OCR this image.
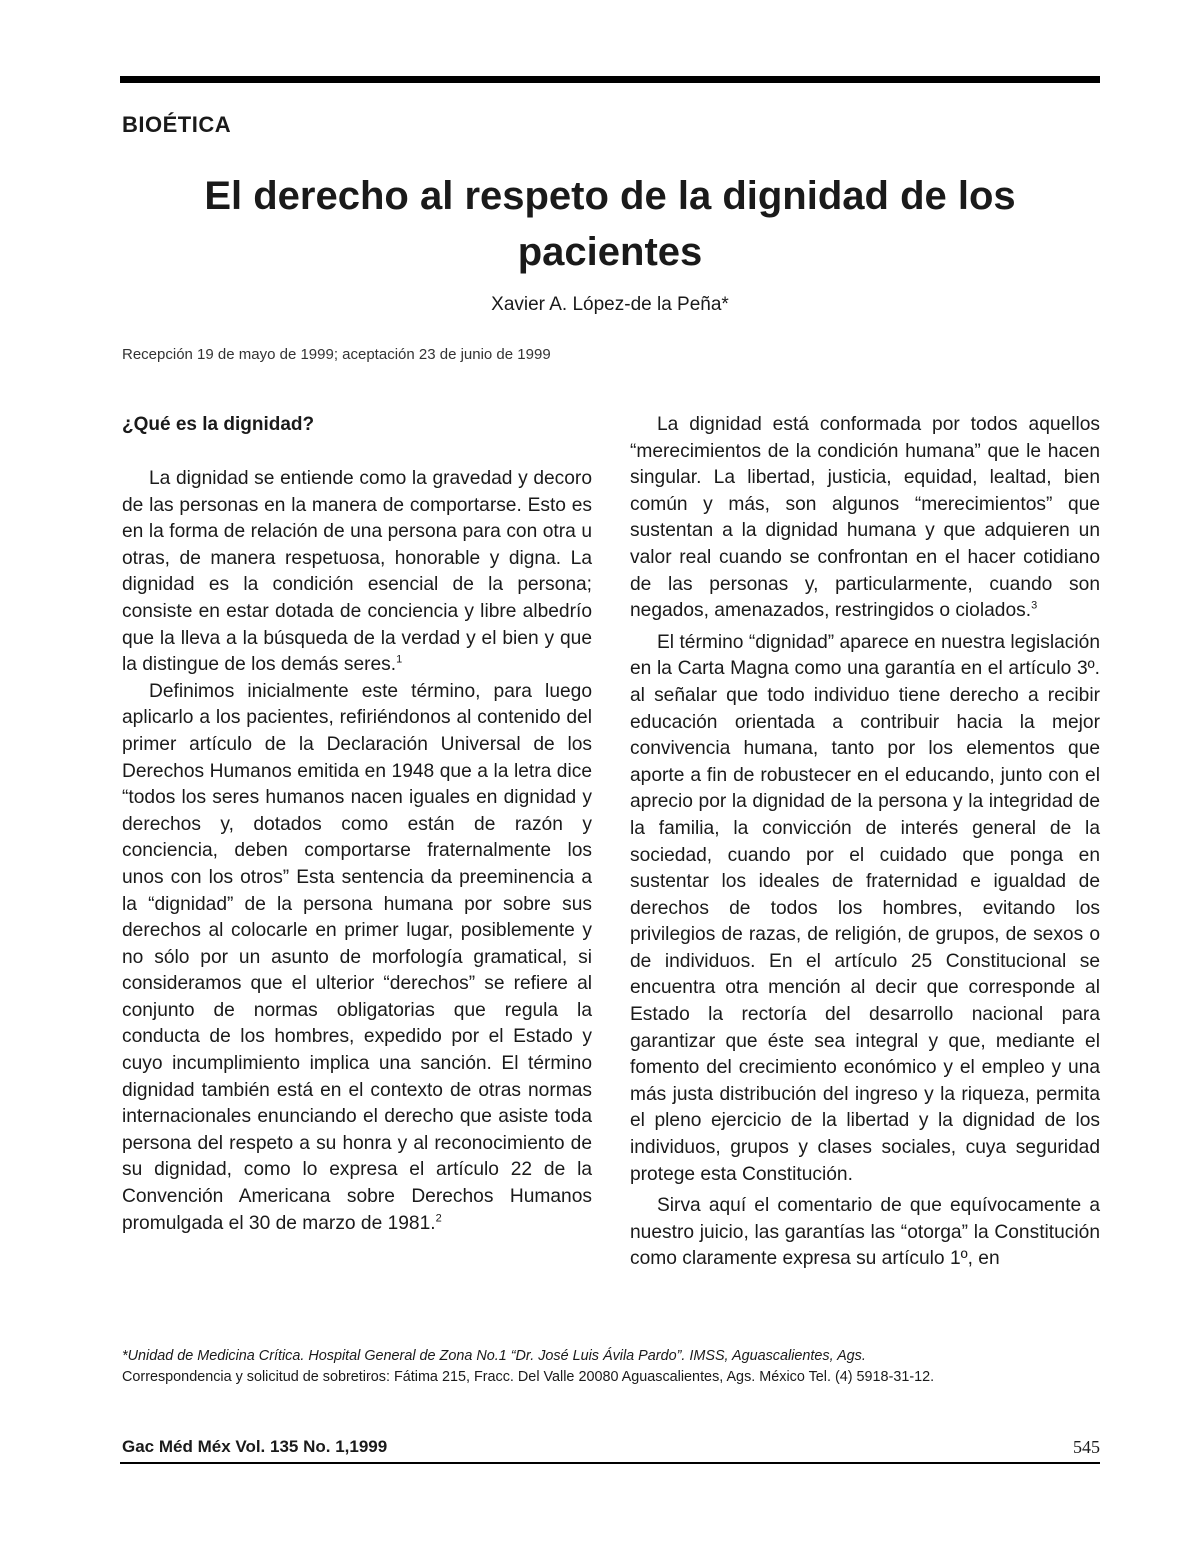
BIOÉTICA
El derecho al respeto de la dignidad de los pacientes
Xavier A. López-de la Peña*
Recepción 19 de mayo de 1999; aceptación 23 de junio de 1999
¿Qué es la dignidad?

La dignidad se entiende como la gravedad y decoro de las personas en la manera de comportarse. Esto es en la forma de relación de una persona para con otra u otras, de manera respetuosa, honorable y digna. La dignidad es la condición esencial de la persona; consiste en estar dotada de conciencia y libre albedrío que la lleva a la búsqueda de la verdad y el bien y que la distingue de los demás seres.$^1$

Definimos inicialmente este término, para luego aplicarlo a los pacientes, refiriéndonos al contenido del primer artículo de la Declaración Universal de los Derechos Humanos emitida en 1948 que a la letra dice “todos los seres humanos nacen iguales en dignidad y derechos y, dotados como están de razón y conciencia, deben comportarse fraternalmente los unos con los otros” Esta sentencia da preeminencia a la “dignidad” de la persona humana por sobre sus derechos al colocarle en primer lugar, posiblemente y no sólo por un asunto de morfología gramatical, si consideramos que el ulterior “derechos” se refiere al conjunto de normas obligatorias que regula la conducta de los hombres, expedido por el Estado y cuyo incumplimiento implica una sanción. El término dignidad también está en el contexto de otras normas internacionales enunciando el derecho que asiste toda persona del respeto a su honra y al reconocimiento de su dignidad, como lo expresa el artículo 22 de la Convención Americana sobre Derechos Humanos promulgada el 30 de marzo de 1981.$^2$

La dignidad está conformada por todos aquellos “merecimientos de la condición humana” que le hacen singular. La libertad, justicia, equidad, lealtad, bien común y más, son algunos “merecimientos” que sustentan a la dignidad humana y que adquieren un valor real cuando se confrontan en el hacer cotidiano de las personas y, particularmente, cuando son negados, amenazados, restringidos o ciolados.$^3$

El término “dignidad” aparece en nuestra legislación en la Carta Magna como una garantía en el artículo 3º. al señalar que todo individuo tiene derecho a recibir educación orientada a contribuir hacia la mejor convivencia humana, tanto por los elementos que aporte a fin de robustecer en el educando, junto con el aprecio por la dignidad de la persona y la integridad de la familia, la convicción de interés general de la sociedad, cuando por el cuidado que ponga en sustentar los ideales de fraternidad e igualdad de derechos de todos los hombres, evitando los privilegios de razas, de religión, de grupos, de sexos o de individuos. En el artículo 25 Constitucional se encuentra otra mención al decir que corresponde al Estado la rectoría del desarrollo nacional para garantizar que éste sea integral y que, mediante el fomento del crecimiento económico y el empleo y una más justa distribución del ingreso y la riqueza, permita el pleno ejercicio de la libertad y la dignidad de los individuos, grupos y clases sociales, cuya seguridad protege esta Constitución.

Sirva aquí el comentario de que equívocamente a nuestro juicio, las garantías las “otorga” la Constitución como claramente expresa su artículo 1º, en

*Unidad de Medicina Crítica. Hospital General de Zona No.1 “Dr. José Luis Ávila Pardo”. IMSS, Aguascalientes, Ags.
Correspondencia y solicitud de sobretiros: Fátima 215, Fracc. Del Valle 20080 Aguascalientes, Ags. México Tel. (4) 5918-31-12.
Gac Méd Méx Vol. 135 No. 1,1999	545
